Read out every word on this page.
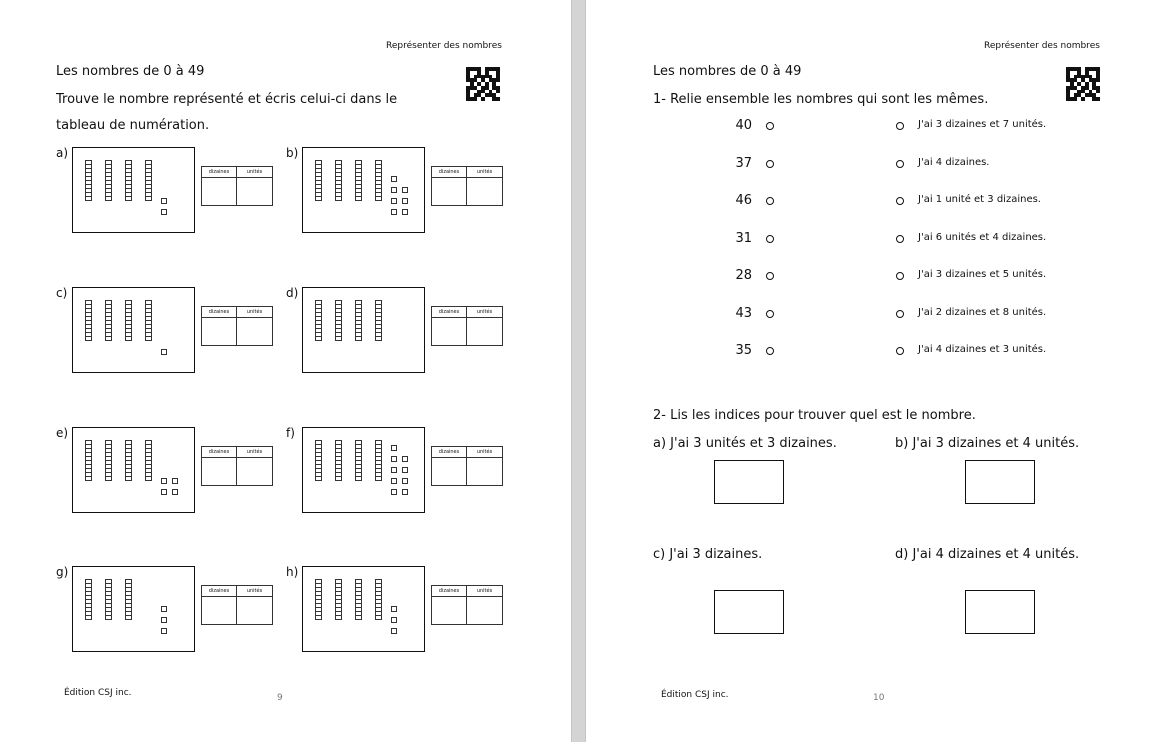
Représenter des nombres
Les nombres de 0 à 49
Trouve le nombre représenté et écris celui-ci dans le
tableau de numération.
a)
dizaines	unités
b)
dizaines	unités
c)
dizaines	unités
d)
dizaines	unités
e)
dizaines	unités
f)
dizaines	unités
g)
dizaines	unités
h)
dizaines	unités
Édition CSJ inc.	9
Représenter des nombres
Les nombres de 0 à 49
1- Relie ensemble les nombres qui sont les mêmes.
40	J'ai 3 dizaines et 7 unités.
37	J'ai 4 dizaines.
46	J'ai 1 unité et 3 dizaines.
31	J'ai 6 unités et 4 dizaines.
28	J'ai 3 dizaines et 5 unités.
43	J'ai 2 dizaines et 8 unités.
35	J'ai 4 dizaines et 3 unités.
2- Lis les indices pour trouver quel est le nombre.
a) J'ai 3 unités et 3 dizaines.	b) J'ai 3 dizaines et 4 unités.
c) J'ai 3 dizaines.	d) J'ai 4 dizaines et 4 unités.
Édition CSJ inc.	10
